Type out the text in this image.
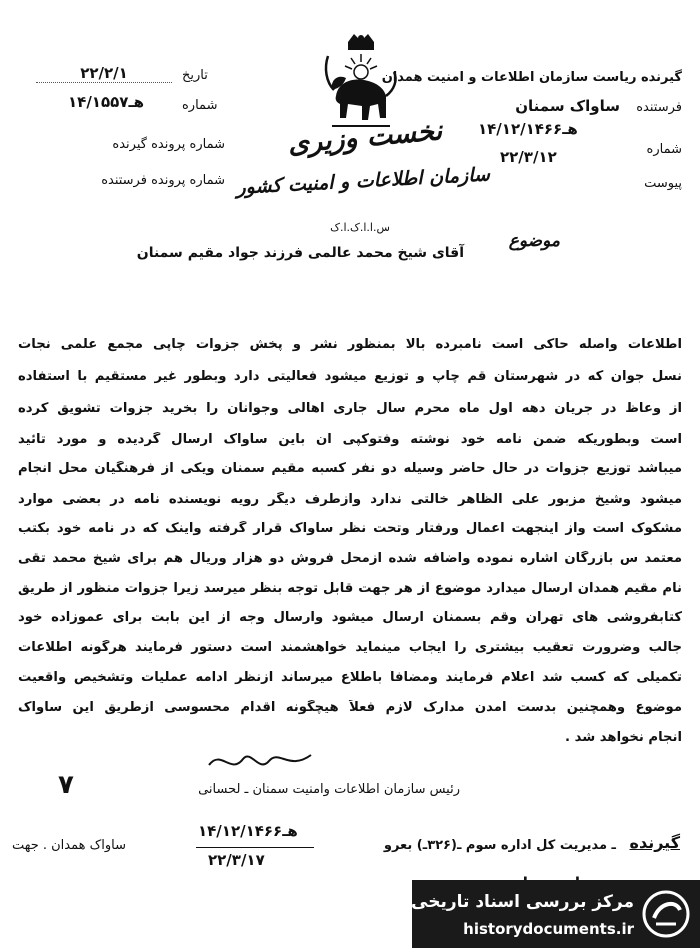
نخست وزیری
سازمان اطلاعات و امنیت کشور
س.ا.ا.ک.ا.ک
تاریخ
۲۲/۲/۱
شماره
۱۴/۱۵۵۷هـ
شماره پرونده گیرنده
شماره پرونده فرستنده
گیرنده ریاست سازمان اطلاعات و امنیت همدان
فرستنده
ساواک سمنان
شماره
۱۴/۱۲/۱۴۶۶هـ
۲۲/۳/۱۲
پیوست
موضوع
آقای شیخ محمد عالمی فرزند جواد مقیم سمنان
اطلاعات واصله حاکی است نامبرده بالا بمنظور نشر و پخش جزوات چاپی مجمع علمی نجات
نسل جوان که در شهرستان قم چاپ و توزیع میشود فعالیتی دارد وبطور غیر مستقیم با استفاده
از وعاظ در جریان دهه اول ماه محرم سال جاری اهالی وجوانان را بخرید جزوات تشویق کرده
است وبطوریکه ضمن نامه خود نوشته وفتوکپی آن باین ساواک ارسال گردیده و مورد تائید
میباشد توزیع جزوات در حال حاضر وسیله دو نفر کسبه مقیم سمنان ویکی از فرهنگیان محل انجام
میشود وشیخ مزبور علی الظاهر خالتی ندارد وازطرف دیگر رویه نویسنده نامه در بعضی موارد
مشکوک است واز اینجهت اعمال ورفتار وتحت نظر ساواک قرار گرفته واینک که در نامه خود بکتب
معتمد س بازرگان اشاره نموده واضافه شده ازمحل فروش دو هزار وریال هم برای شیخ محمد تقی
نام مقیم همدان ارسال میدارد موضوع از هر جهت قابل توجه بنظر میرسد زیرا جزوات منظور از طریق
کتابفروشی های تهران وقم بسمنان ارسال میشود وارسال وجه از این بابت برای عموزاده خود
جالب وضرورت تعقیب بیشتری را ایجاب مینماید خواهشمند است دستور فرمایند هرگونه اطلاعات
تکمیلی که کسب شد اعلام فرمایند ومضافاً باطلاع میرساند ازنظر ادامه عملیات وتشخیص واقعیت
موضوع وهمچنین بدست آمدن مدارک لازم فعلاً هیچگونه اقدام محسوسی ازطریق این ساواک
انجام نخواهد شد .
۷	رئیس سازمان اطلاعات وامنیت سمنان ـ لحسانی
گیرنده
ـ مدیریت کل اداره سوم ـ(۳۲۶ـ) بعرو
۱۴/۱۲/۱۴۶۶هـ
۲۲/۳/۱۷
ساواک همدان . جهت
مرکز بررسی اسناد تاریخی
historydocuments.ir
